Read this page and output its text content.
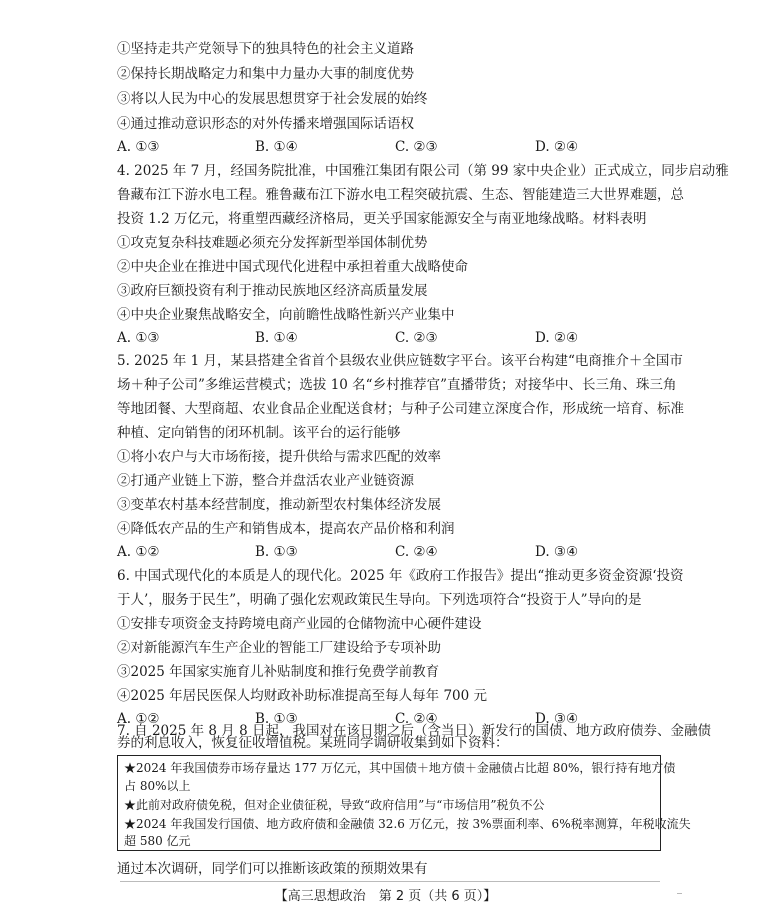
①坚持走共产党领导下的独具特色的社会主义道路
②保持长期战略定力和集中力量办大事的制度优势
③将以人民为中心的发展思想贯穿于社会发展的始终
④通过推动意识形态的对外传播来增强国际话语权
A. ①③	B. ①④	C. ②③	D. ②④
4. 2025 年 7 月，经国务院批准，中国雅江集团有限公司（第 99 家中央企业）正式成立，同步启动雅
鲁藏布江下游水电工程。雅鲁藏布江下游水电工程突破抗震、生态、智能建造三大世界难题，总
投资 1.2 万亿元，将重塑西藏经济格局，更关乎国家能源安全与南亚地缘战略。材料表明
①攻克复杂科技难题必须充分发挥新型举国体制优势
②中央企业在推进中国式现代化进程中承担着重大战略使命
③政府巨额投资有利于推动民族地区经济高质量发展
④中央企业聚焦战略安全，向前瞻性战略性新兴产业集中
A. ①③	B. ①④	C. ②③	D. ②④
5. 2025 年 1 月，某县搭建全省首个县级农业供应链数字平台。该平台构建“电商推介＋全国市
场＋种子公司”多维运营模式；选拔 10 名“乡村推荐官”直播带货；对接华中、长三角、珠三角
等地团餐、大型商超、农业食品企业配送食材；与种子公司建立深度合作，形成统一培育、标准
种植、定向销售的闭环机制。该平台的运行能够
①将小农户与大市场衔接，提升供给与需求匹配的效率
②打通产业链上下游，整合并盘活农业产业链资源
③变革农村基本经营制度，推动新型农村集体经济发展
④降低农产品的生产和销售成本，提高农产品价格和利润
A. ①②	B. ①③	C. ②④	D. ③④
6. 中国式现代化的本质是人的现代化。2025 年《政府工作报告》提出“推动更多资金资源‘投资
于人’，服务于民生”，明确了强化宏观政策民生导向。下列选项符合“投资于人”导向的是
①安排专项资金支持跨境电商产业园的仓储物流中心硬件建设
②对新能源汽车生产企业的智能工厂建设给予专项补助
③2025 年国家实施育儿补贴制度和推行免费学前教育
④2025 年居民医保人均财政补助标准提高至每人每年 700 元
A. ①②	B. ①③	C. ②④	D. ③④
7. 自 2025 年 8 月 8 日起，我国对在该日期之后（含当日）新发行的国债、地方政府债券、金融债
券的利息收入，恢复征收增值税。某班同学调研收集到如下资料：
★2024 年我国债券市场存量达 177 万亿元，其中国债＋地方债＋金融债占比超 80%，银行持有地方债
占 80%以上
★此前对政府债免税，但对企业债征税，导致“政府信用”与“市场信用”税负不公
★2024 年我国发行国债、地方政府债和金融债 32.6 万亿元，按 3%票面利率、6%税率测算，年税收流失
超 580 亿元
通过本次调研，同学们可以推断该政策的预期效果有
【高三思想政治　第 2 页（共 6 页）】	‾
